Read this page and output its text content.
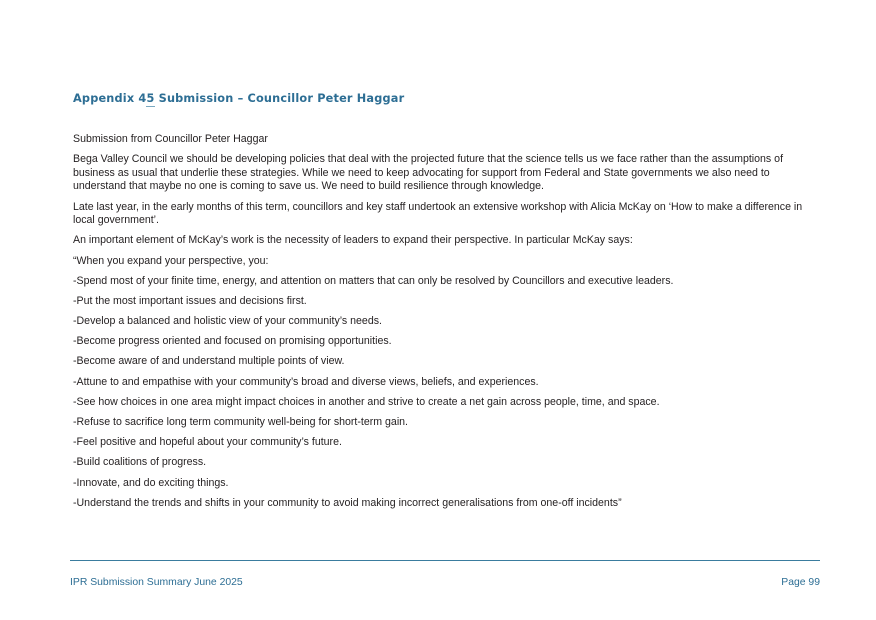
Appendix 45 Submission – Councillor Peter Haggar

Submission from Councillor Peter Haggar

Bega Valley Council we should be developing policies that deal with the projected future that the science tells us we face rather than the assumptions of business as usual that underlie these strategies. While we need to keep advocating for support from Federal and State governments we also need to understand that maybe no one is coming to save us. We need to build resilience through knowledge.

Late last year, in the early months of this term, councillors and key staff undertook an extensive workshop with Alicia McKay on ‘How to make a difference in local government’.

An important element of McKay’s work is the necessity of leaders to expand their perspective. In particular McKay says:

“When you expand your perspective, you:

-Spend most of your finite time, energy, and attention on matters that can only be resolved by Councillors and executive leaders.

-Put the most important issues and decisions first.

-Develop a balanced and holistic view of your community’s needs.

-Become progress oriented and focused on promising opportunities.

-Become aware of and understand multiple points of view.

-Attune to and empathise with your community’s broad and diverse views, beliefs, and experiences.

-See how choices in one area might impact choices in another and strive to create a net gain across people, time, and space.

-Refuse to sacrifice long term community well-being for short-term gain.

-Feel positive and hopeful about your community’s future.

-Build coalitions of progress.

-Innovate, and do exciting things.

-Understand the trends and shifts in your community to avoid making incorrect generalisations from one-off incidents”

IPR Submission Summary June 2025	Page 99
